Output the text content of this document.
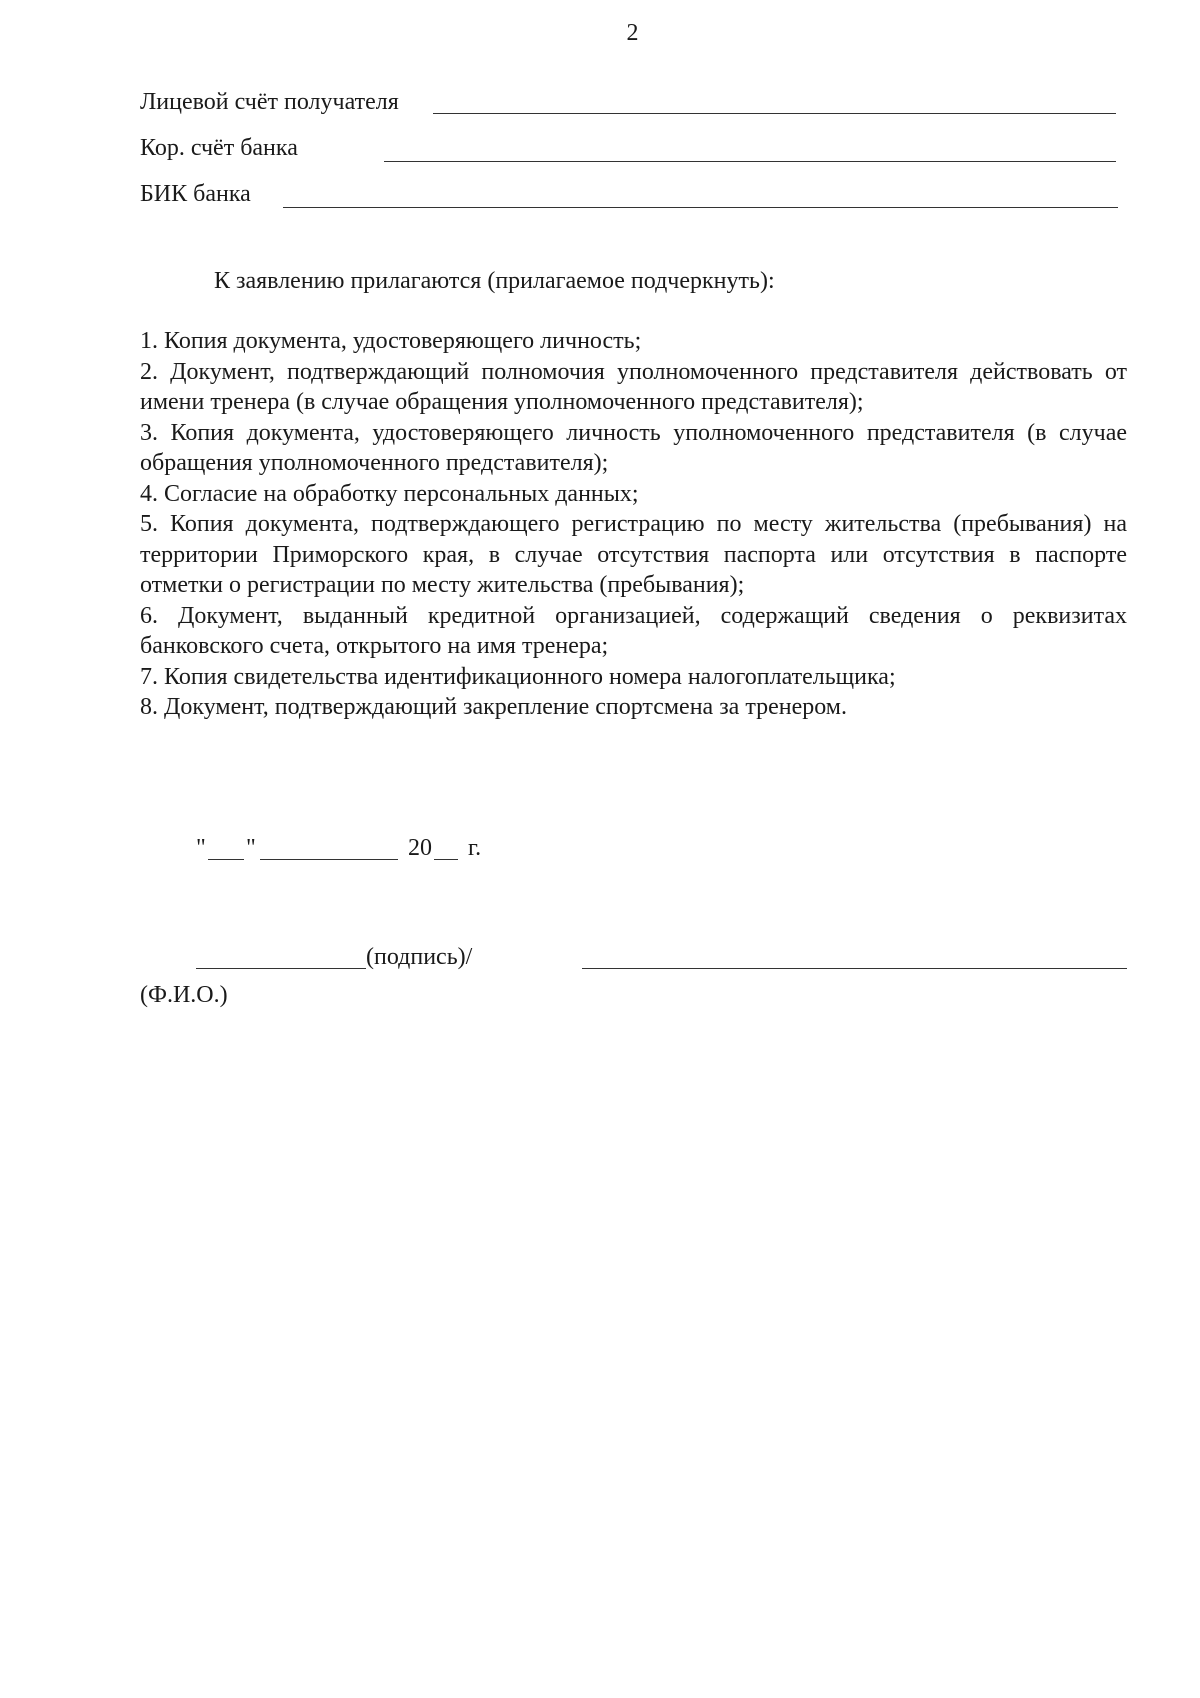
2
Лицевой счёт получателя
Кор. счёт банка
БИК банка
К заявлению прилагаются (прилагаемое подчеркнуть):
1. Копия документа, удостоверяющего личность;
2. Документ, подтверждающий полномочия уполномоченного представителя действовать от имени тренера (в случае обращения уполномоченного представителя);
3. Копия документа, удостоверяющего личность уполномоченного представителя (в случае обращения уполномоченного представителя);
4. Согласие на обработку персональных данных;
5. Копия документа, подтверждающего регистрацию по месту жительства (пребывания) на территории Приморского края, в случае отсутствия паспорта или отсутствия в паспорте отметки о регистрации по месту жительства (пребывания);
6. Документ, выданный кредитной организацией, содержащий сведения о реквизитах банковского счета, открытого на имя тренера;
7. Копия свидетельства идентификационного номера налогоплательщика;
8. Документ, подтверждающий закрепление спортсмена за тренером.
" "	20 г.
(подпись)/
(Ф.И.О.)
